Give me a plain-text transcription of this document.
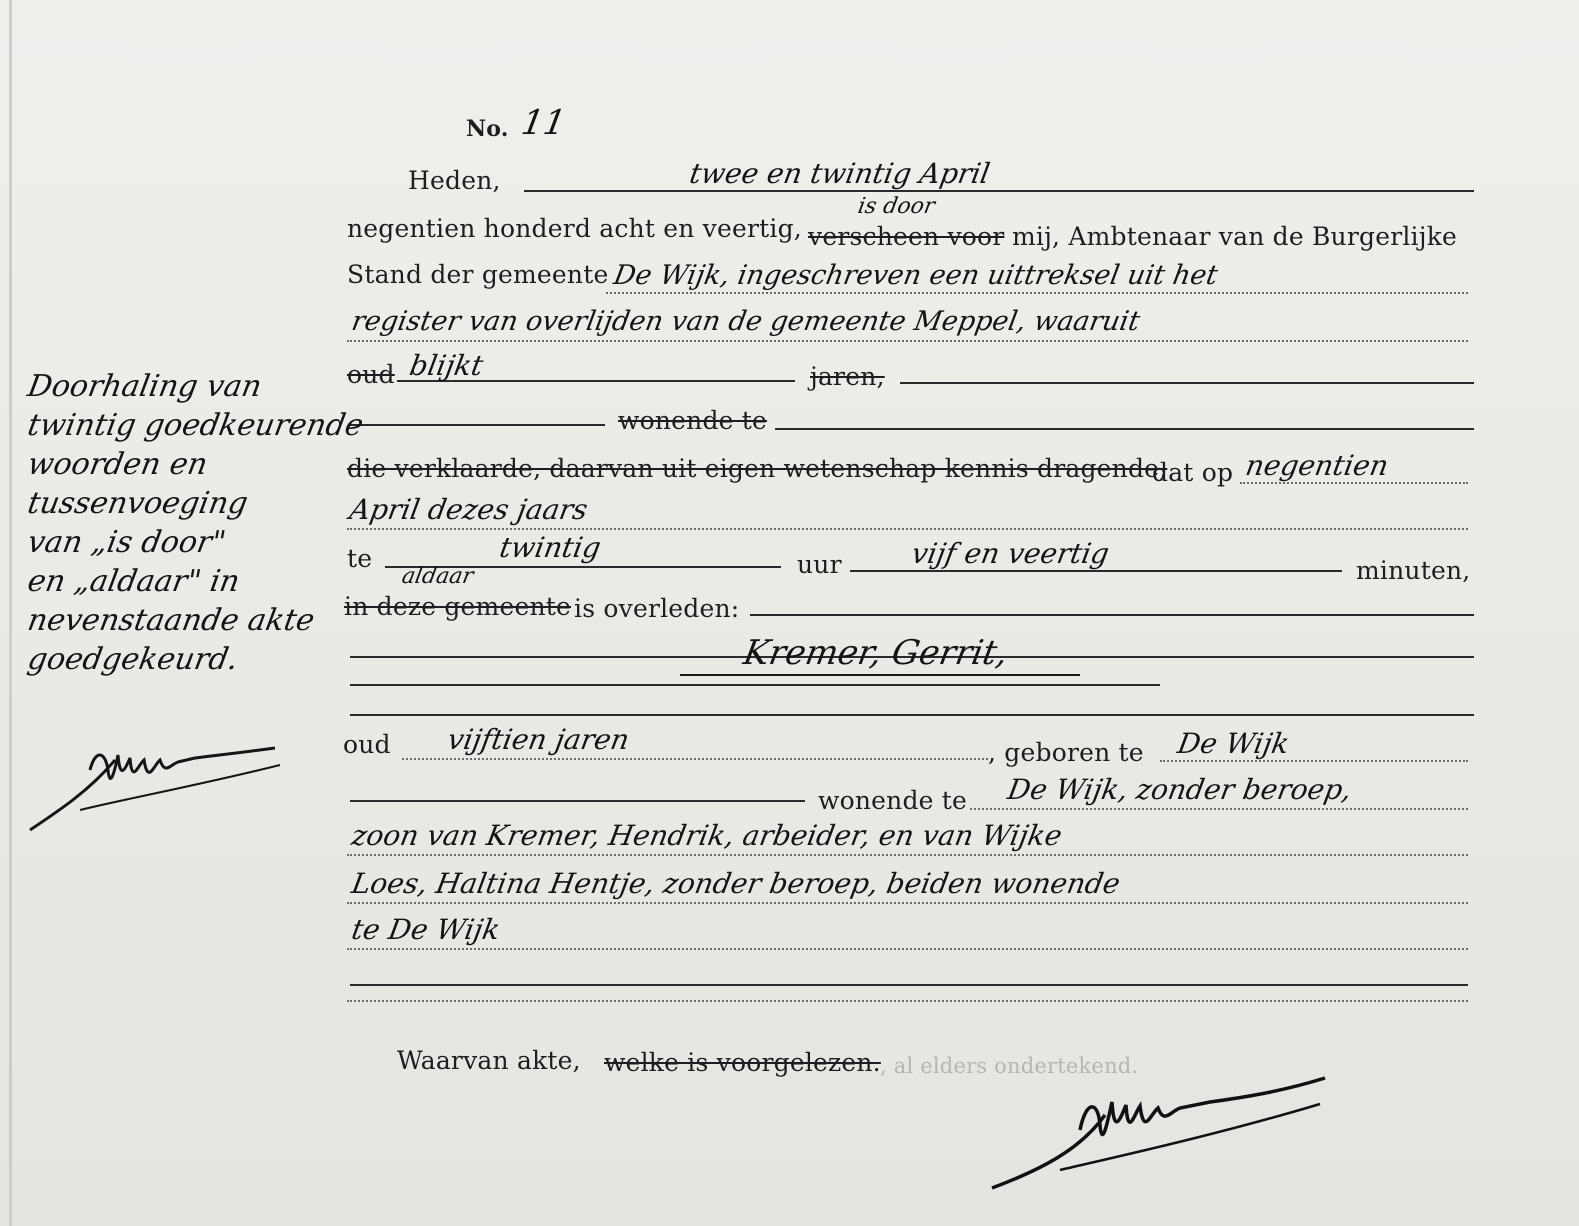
No. 11
Heden,	twee en twintig April
negentien honderd acht en veertig, verscheen voor
is door
mij, Ambtenaar van de Burgerlijke
Stand der gemeente De Wijk, ingeschreven een uittreksel uit het
register van overlijden van de gemeente Meppel, waaruit
oud blijkt	jaren,
wonende te
die verklaarde, daarvan uit eigen wetenschap kennis dragende,
dat op negentien
April dezes jaars
te	twintig
uur vijf en veertig
minuten,
aldaar
in deze gemeente is overleden:
Kremer, Gerrit,
oud vijftien jaren	, geboren te De Wijk
wonende te De Wijk, zonder beroep,
zoon van Kremer, Hendrik, arbeider, en van Wijke
Loes, Haltina Hentje, zonder beroep, beiden wonende
te De Wijk
Waarvan akte, welke is voorgelezen. , al elders ondertekend.
Doorhaling van
twintig goedkeurende
woorden en
tussenvoeging
van „is door"
en „aldaar" in
nevenstaande akte
goedgekeurd.
